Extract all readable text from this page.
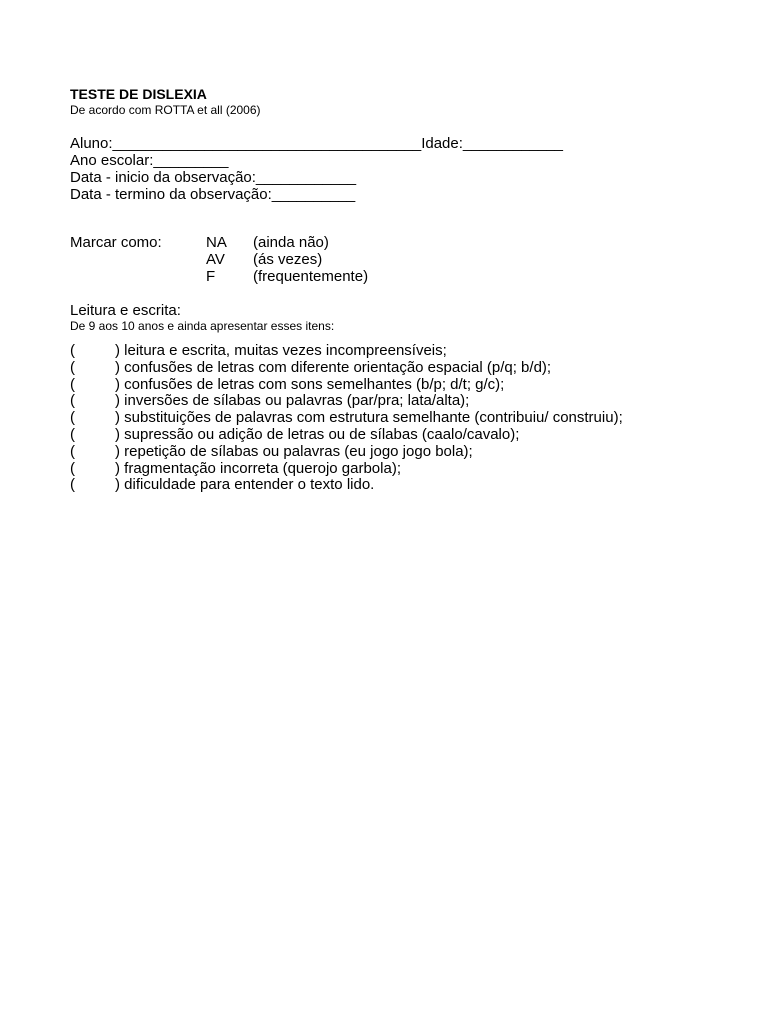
TESTE DE DISLEXIA

De acordo com ROTTA et all (2006)

Aluno:_____________________________________Idade:____________
Ano escolar:_________
Data - inicio da observação:____________
Data - termino da observação:__________
Marcar como:	NA	(ainda não)
	AV	(ás vezes)
	F	(frequentemente)
Leitura e escrita:
De 9 aos 10 anos e ainda apresentar esses itens:
(	) leitura e escrita, muitas vezes incompreensíveis;
(	) confusões de letras com diferente orientação espacial (p/q; b/d);
(	) confusões de letras com sons semelhantes (b/p; d/t; g/c);
(	) inversões de sílabas ou palavras (par/pra; lata/alta);
(	) substituições de palavras com estrutura semelhante (contribuiu/ construiu);
(	) supressão ou adição de letras ou de sílabas (caalo/cavalo);
(	) repetição de sílabas ou palavras (eu jogo jogo bola);
(	) fragmentação incorreta (querojo garbola);
(	) dificuldade para entender o texto lido.
